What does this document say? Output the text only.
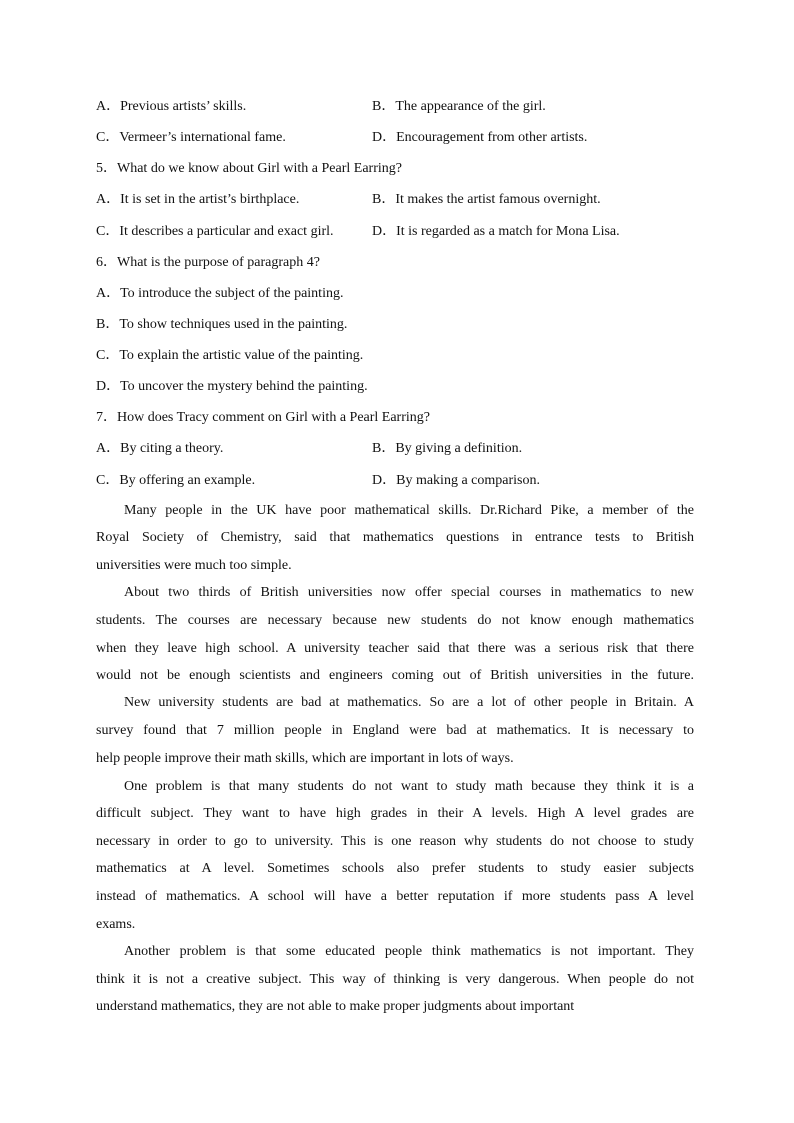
A．Previous artists’ skills.	B．The appearance of the girl.
C．Vermeer’s international fame.	D．Encouragement from other artists.
5．What do we know about Girl with a Pearl Earring?
A．It is set in the artist’s birthplace.	B．It makes the artist famous overnight.
C．It describes a particular and exact girl.	D．It is regarded as a match for Mona Lisa.
6．What is the purpose of paragraph 4?
A．To introduce the subject of the painting.
B．To show techniques used in the painting.
C．To explain the artistic value of the painting.
D．To uncover the mystery behind the painting.
7．How does Tracy comment on Girl with a Pearl Earring?
A．By citing a theory.	B．By giving a definition.
C．By offering an example.	D．By making a comparison.
Many people in the UK have poor mathematical skills. Dr.Richard Pike, a member of the
Royal Society of Chemistry, said that mathematics questions in entrance tests to British
universities were much too simple.
About two thirds of British universities now offer special courses in mathematics to new
students. The courses are necessary because new students do not know enough mathematics
when they leave high school. A university teacher said that there was a serious risk that there
would not be enough scientists and engineers coming out of British universities in the future.
New university students are bad at mathematics. So are a lot of other people in Britain. A
survey found that 7 million people in England were bad at mathematics. It is necessary to
help people improve their math skills, which are important in lots of ways.
One problem is that many students do not want to study math because they think it is a
difficult subject. They want to have high grades in their A levels. High A level grades are
necessary in order to go to university. This is one reason why students do not choose to study
mathematics at A level. Sometimes schools also prefer students to study easier subjects
instead of mathematics. A school will have a better reputation if more students pass A level
exams.
Another problem is that some educated people think mathematics is not important. They
think it is not a creative subject. This way of thinking is very dangerous. When people do not
understand mathematics, they are not able to make proper judgments about important
